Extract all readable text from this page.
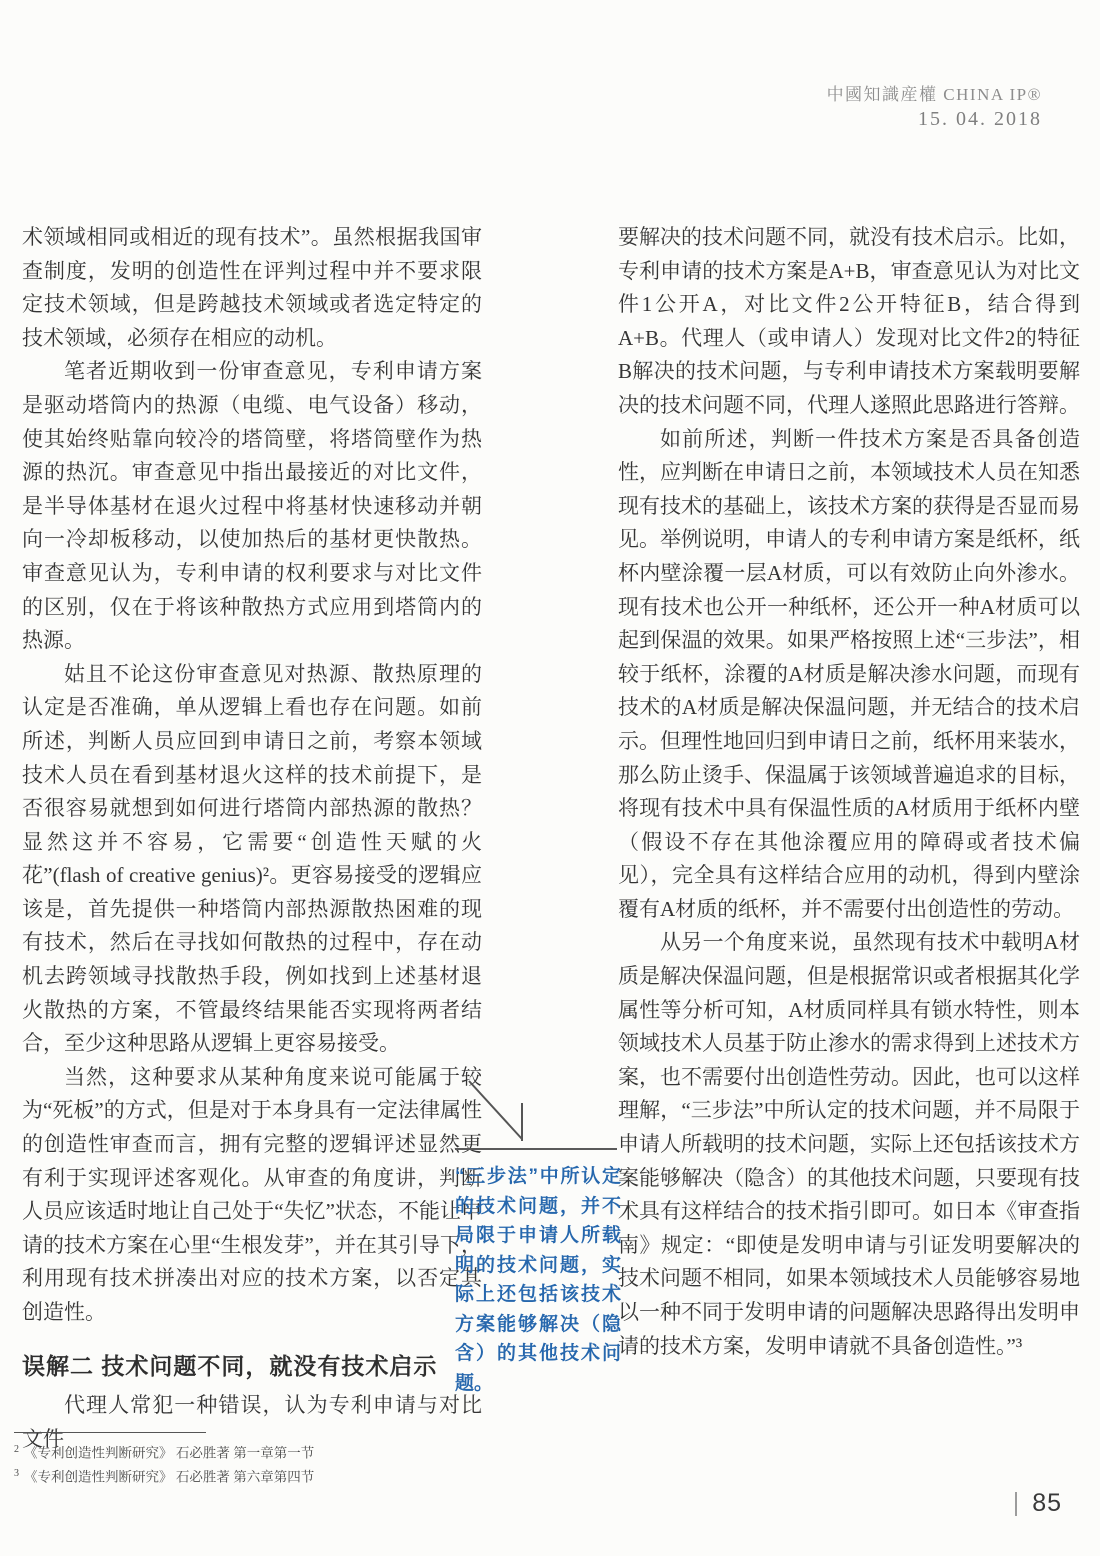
中國知識産權 CHINA IP®
15. 04. 2018

术领域相同或相近的现有技术”。虽然根据我国审查制度，发明的创造性在评判过程中并不要求限定技术领域，但是跨越技术领域或者选定特定的技术领域，必须存在相应的动机。

笔者近期收到一份审查意见，专利申请方案是驱动塔筒内的热源（电缆、电气设备）移动，使其始终贴靠向较冷的塔筒壁，将塔筒壁作为热源的热沉。审查意见中指出最接近的对比文件，是半导体基材在退火过程中将基材快速移动并朝向一冷却板移动，以使加热后的基材更快散热。审查意见认为，专利申请的权利要求与对比文件的区别，仅在于将该种散热方式应用到塔筒内的热源。

姑且不论这份审查意见对热源、散热原理的认定是否准确，单从逻辑上看也存在问题。如前所述，判断人员应回到申请日之前，考察本领域技术人员在看到基材退火这样的技术前提下，是否很容易就想到如何进行塔筒内部热源的散热？显然这并不容易，它需要“创造性天赋的火花”(flash of creative genius)²。更容易接受的逻辑应该是，首先提供一种塔筒内部热源散热困难的现有技术，然后在寻找如何散热的过程中，存在动机去跨领域寻找散热手段，例如找到上述基材退火散热的方案，不管最终结果能否实现将两者结合，至少这种思路从逻辑上更容易接受。

当然，这种要求从某种角度来说可能属于较为“死板”的方式，但是对于本身具有一定法律属性的创造性审查而言，拥有完整的逻辑评述显然更有利于实现评述客观化。从审查的角度讲，判断人员应该适时地让自己处于“失忆”状态，不能让申请的技术方案在心里“生根发芽”，并在其引导下，利用现有技术拼凑出对应的技术方案，以否定其创造性。

误解二 技术问题不同，就没有技术启示

代理人常犯一种错误，认为专利申请与对比文件

“三步法”中所认定的技术问题，并不局限于申请人所载明的技术问题，实际上还包括该技术方案能够解决（隐含）的其他技术问题。

要解决的技术问题不同，就没有技术启示。比如，专利申请的技术方案是A+B，审查意见认为对比文件1公开A，对比文件2公开特征B，结合得到A+B。代理人（或申请人）发现对比文件2的特征B解决的技术问题，与专利申请技术方案载明要解决的技术问题不同，代理人遂照此思路进行答辩。

如前所述，判断一件技术方案是否具备创造性，应判断在申请日之前，本领域技术人员在知悉现有技术的基础上，该技术方案的获得是否显而易见。举例说明，申请人的专利申请方案是纸杯，纸杯内壁涂覆一层A材质，可以有效防止向外渗水。现有技术也公开一种纸杯，还公开一种A材质可以起到保温的效果。如果严格按照上述“三步法”，相较于纸杯，涂覆的A材质是解决渗水问题，而现有技术的A材质是解决保温问题，并无结合的技术启示。但理性地回归到申请日之前，纸杯用来装水，那么防止烫手、保温属于该领域普遍追求的目标，将现有技术中具有保温性质的A材质用于纸杯内壁（假设不存在其他涂覆应用的障碍或者技术偏见），完全具有这样结合应用的动机，得到内壁涂覆有A材质的纸杯，并不需要付出创造性的劳动。

从另一个角度来说，虽然现有技术中载明A材质是解决保温问题，但是根据常识或者根据其化学属性等分析可知，A材质同样具有锁水特性，则本领域技术人员基于防止渗水的需求得到上述技术方案，也不需要付出创造性劳动。因此，也可以这样理解，“三步法”中所认定的技术问题，并不局限于申请人所载明的技术问题，实际上还包括该技术方案能够解决（隐含）的其他技术问题，只要现有技术具有这样结合的技术指引即可。如日本《审查指南》规定：“即使是发明申请与引证发明要解决的技术问题不相同，如果本领域技术人员能够容易地以一种不同于发明申请的问题解决思路得出发明申请的技术方案，发明申请就不具备创造性。”³

$^2$ 《专利创造性判断研究》 石必胜著 第一章第一节
$^3$ 《专利创造性判断研究》 石必胜著 第六章第四节
85
